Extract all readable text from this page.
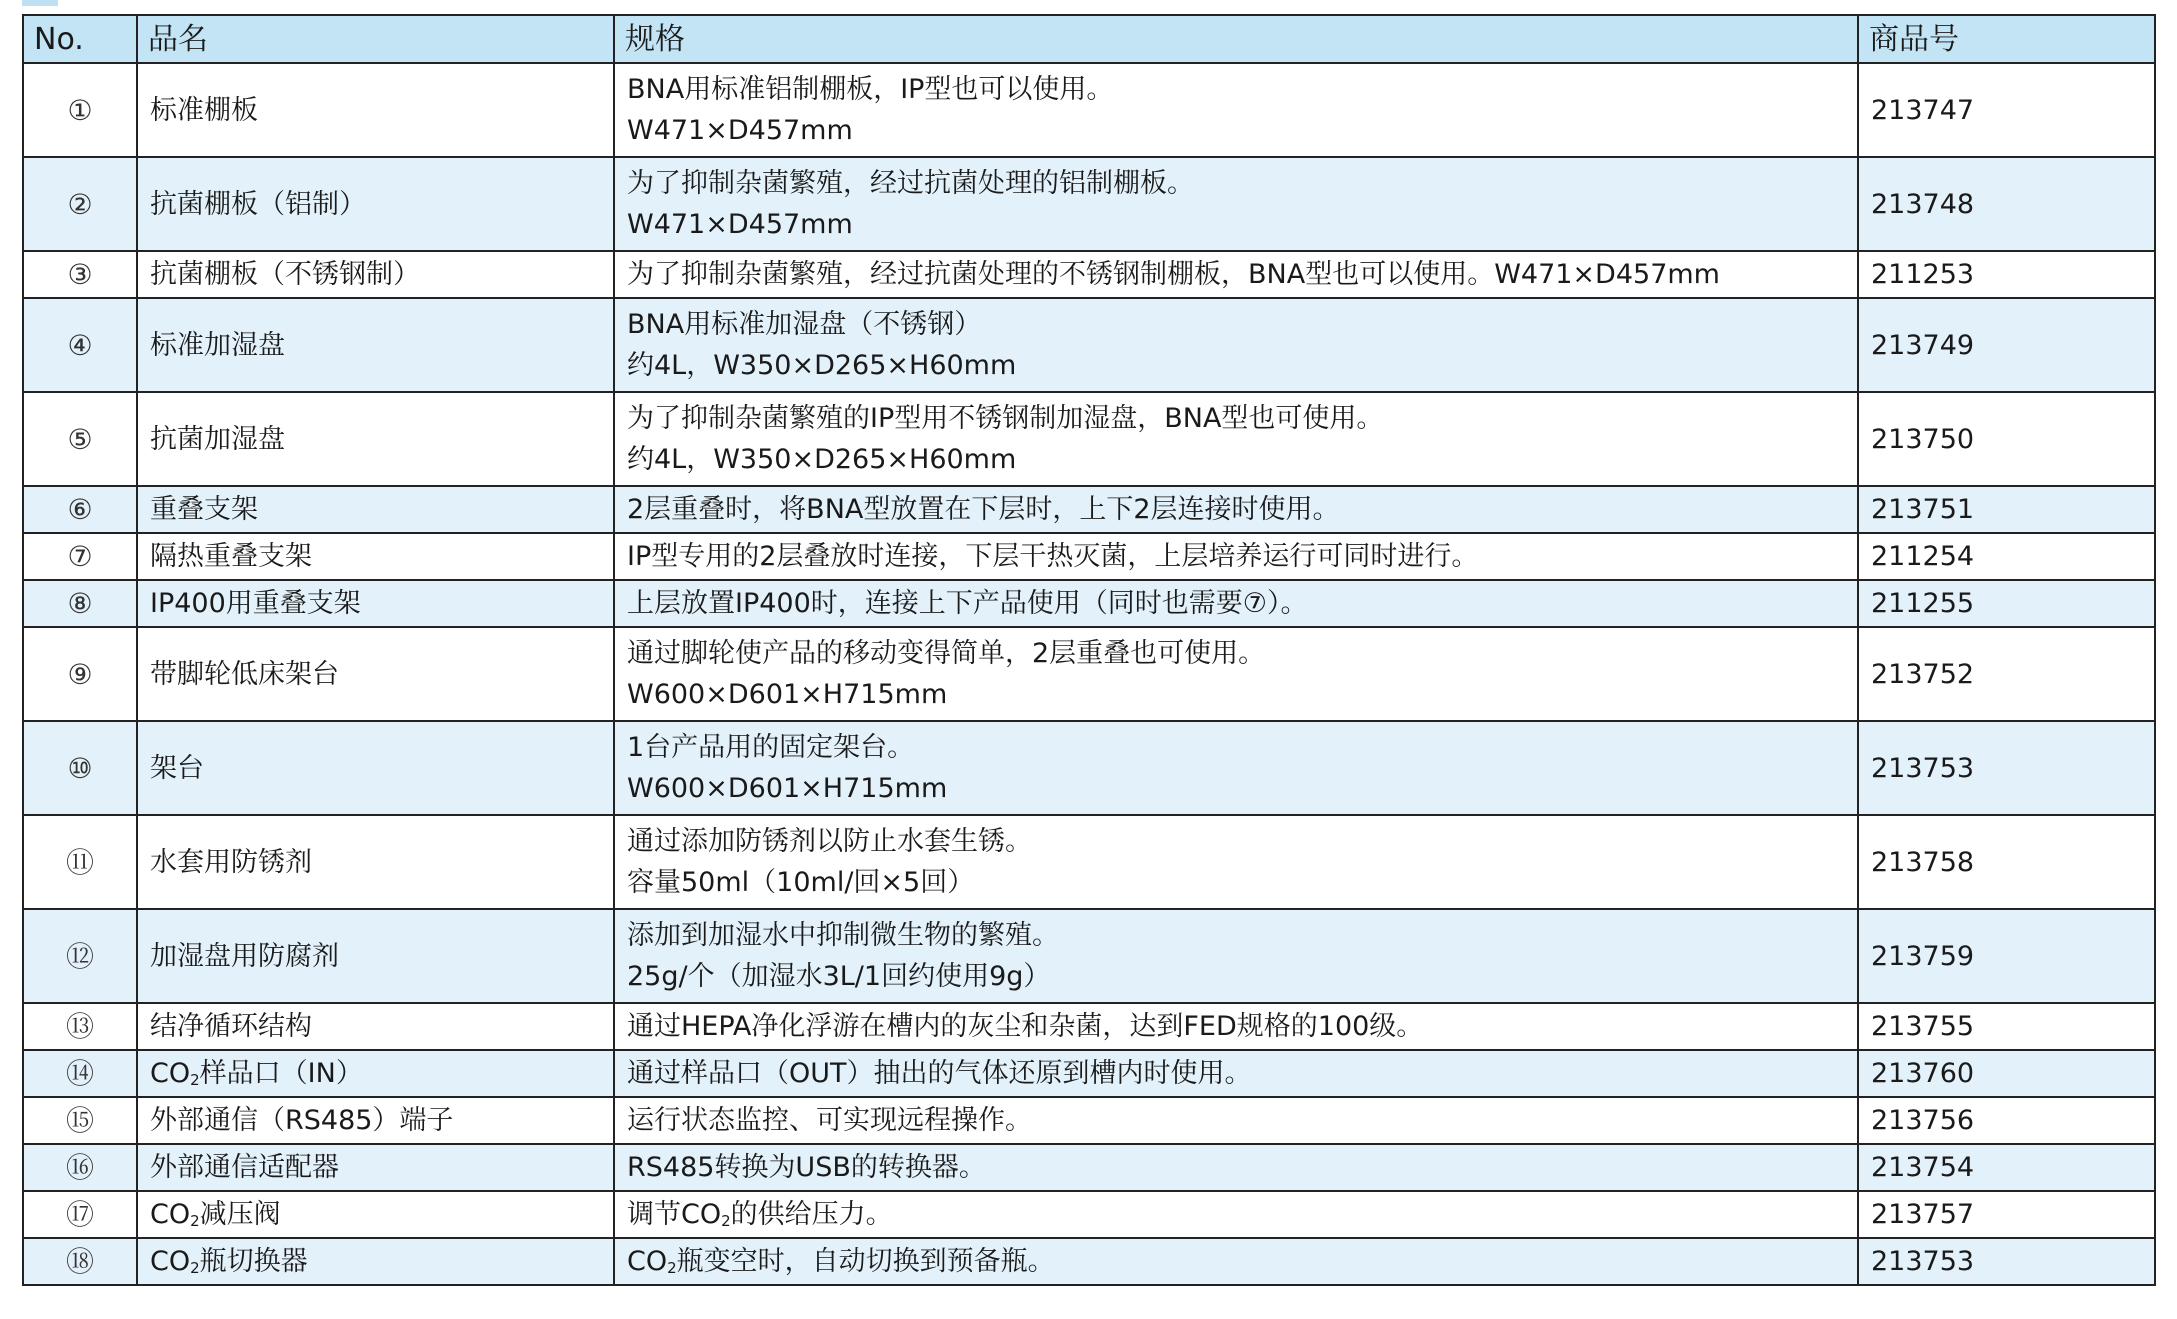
No.	品名	规格	商品号
①	标准棚板	BNA用标准铝制棚板，IP型也可以使用。
W471×D457mm	213747
②	抗菌棚板（铝制）	为了抑制杂菌繁殖，经过抗菌处理的铝制棚板。
W471×D457mm	213748
③	抗菌棚板（不锈钢制）	为了抑制杂菌繁殖，经过抗菌处理的不锈钢制棚板，BNA型也可以使用。W471×D457mm	211253
④	标准加湿盘	BNA用标准加湿盘（不锈钢）
约4L，W350×D265×H60mm	213749
⑤	抗菌加湿盘	为了抑制杂菌繁殖的IP型用不锈钢制加湿盘，BNA型也可使用。
约4L，W350×D265×H60mm	213750
⑥	重叠支架	2层重叠时，将BNA型放置在下层时，上下2层连接时使用。	213751
⑦	隔热重叠支架	IP型专用的2层叠放时连接，下层干热灭菌，上层培养运行可同时进行。	211254
⑧	IP400用重叠支架	上层放置IP400时，连接上下产品使用（同时也需要⑦）。	211255
⑨	带脚轮低床架台	通过脚轮使产品的移动变得简单，2层重叠也可使用。
W600×D601×H715mm	213752
⑩	架台	1台产品用的固定架台。
W600×D601×H715mm	213753
⑪	水套用防锈剂	通过添加防锈剂以防止水套生锈。
容量50ml（10ml/回×5回）	213758
⑫	加湿盘用防腐剂	添加到加湿水中抑制微生物的繁殖。
25g/个（加湿水3L/1回约使用9g）	213759
⑬	结净循环结构	通过HEPA净化浮游在槽内的灰尘和杂菌，达到FED规格的100级。	213755
⑭	$CO_2$样品口（IN）	通过样品口（OUT）抽出的气体还原到槽内时使用。	213760
⑮	外部通信（RS485）端子	运行状态监控、可实现远程操作。	213756
⑯	外部通信适配器	RS485转换为USB的转换器。	213754
⑰	$CO_2$减压阀	调节$CO_2$的供给压力。	213757
⑱	$CO_2$瓶切换器	$CO_2$瓶变空时，自动切换到预备瓶。	213753
